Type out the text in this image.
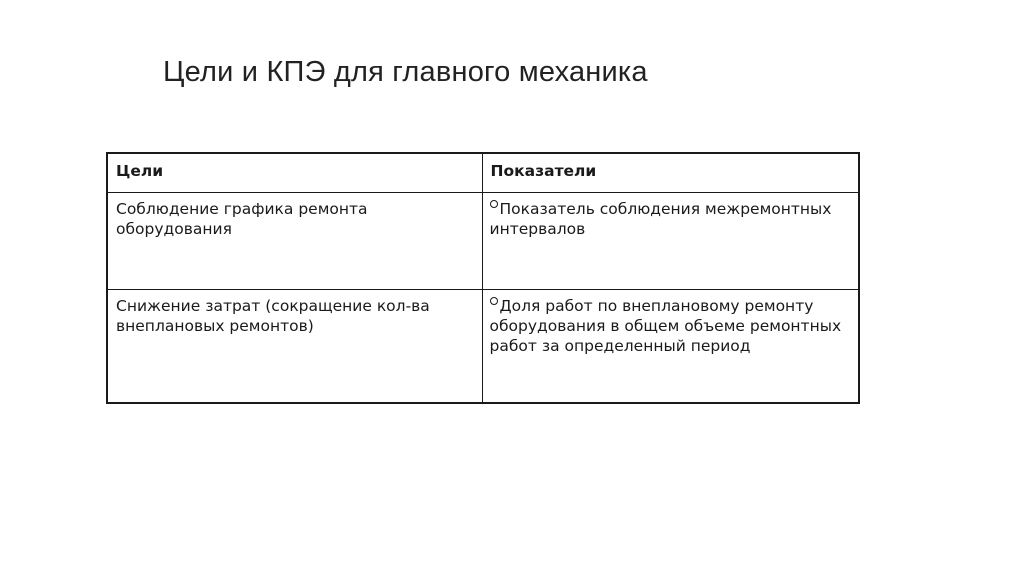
Цели и КПЭ для главного механика
Цели	Показатели
Соблюдение графика ремонта оборудования	Показатель соблюдения межремонтных интервалов
Снижение затрат (сокращение кол-ва внеплановых ремонтов)	Доля работ по внеплановому ремонту оборудования в общем объеме ремонтных работ за определенный период
